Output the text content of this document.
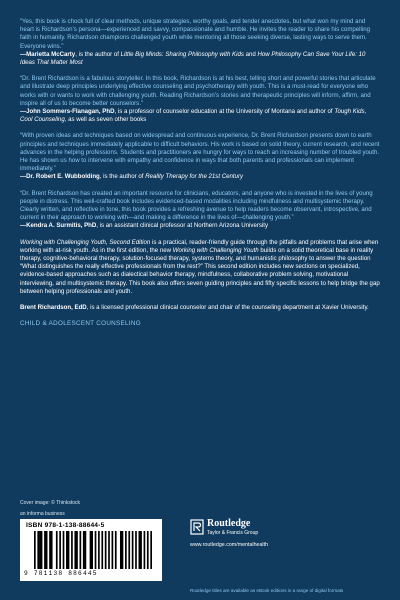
“Yes, this book is chock full of clear methods, unique strategies, worthy goals, and tender anecdotes, but what won my mind and heart is Richardson’s persona—experienced and savvy, compassionate and humble. He invites the reader to share his compelling faith in humanity. Richardson champions challenged youth while mentoring all those seeking diverse, lasting ways to serve them. Everyone wins.”
—Marietta McCarty, is the author of Little Big Minds: Sharing Philosophy with Kids and How Philosophy Can Save Your Life: 10 Ideas That Matter Most

“Dr. Brent Richardson is a fabulous storyteller. In this book, Richardson is at his best, telling short and powerful stories that articulate and illustrate deep principles underlying effective counseling and psychotherapy with youth. This is a must-read for everyone who works with or wants to work with challenging youth. Reading Richardson’s stories and therapeutic principles will inform, affirm, and inspire all of us to become better counselors.”
—John Sommers-Flanagan, PhD, is a professor of counselor education at the University of Montana and author of Tough Kids, Cool Counseling, as well as seven other books

“With proven ideas and techniques based on widespread and continuous experience, Dr. Brent Richardson presents down to earth principles and techniques immediately applicable to difficult behaviors. His work is based on solid theory, current research, and recent advances in the helping professions. Students and practitioners are hungry for ways to reach an increasing number of troubled youth. He has shown us how to intervene with empathy and confidence in ways that both parents and professionals can implement immediately.”
—Dr. Robert E. Wubbolding, is the author of Reality Therapy for the 21st Century

“Dr. Brent Richardson has created an important resource for clinicians, educators, and anyone who is invested in the lives of young people in distress. This well-crafted book includes evidenced-based modalities including mindfulness and multisystemic therapy. Clearly written, and reflective in tone, this book provides a refreshing avenue to help readers become observant, introspective, and current in their approach to working with—and making a difference in the lives of—challenging youth.”
—Kendra A. Surmitis, PhD, is an assistant clinical professor at Northern Arizona University

Working with Challenging Youth, Second Edition is a practical, reader-friendly guide through the pitfalls and problems that arise when working with at-risk youth. As in the first edition, the new Working with Challenging Youth builds on a solid theoretical base in reality therapy, cognitive-behavioral therapy, solution-focused therapy, systems theory, and humanistic philosophy to answer the question “What distinguishes the really effective professionals from the rest?” This second edition includes new sections on specialized, evidence-based approaches such as dialectical behavior therapy, mindfulness, collaborative problem solving, motivational interviewing, and multisystemic therapy. This book also offers seven guiding principles and fifty specific lessons to help bridge the gap between helping professionals and youth.

Brent Richardson, EdD, is a licensed professional clinical counselor and chair of the counseling department at Xavier University.

CHILD & ADOLESCENT COUNSELING
Cover image: © Thinkstock
an informa business
ISBN 978-1-138-88644-5
9 781138 886445
Routledge
Taylor & Francis Group
www.routledge.com/mentalhealth
Routledge titles are available as eBook editions in a range of digital formats
